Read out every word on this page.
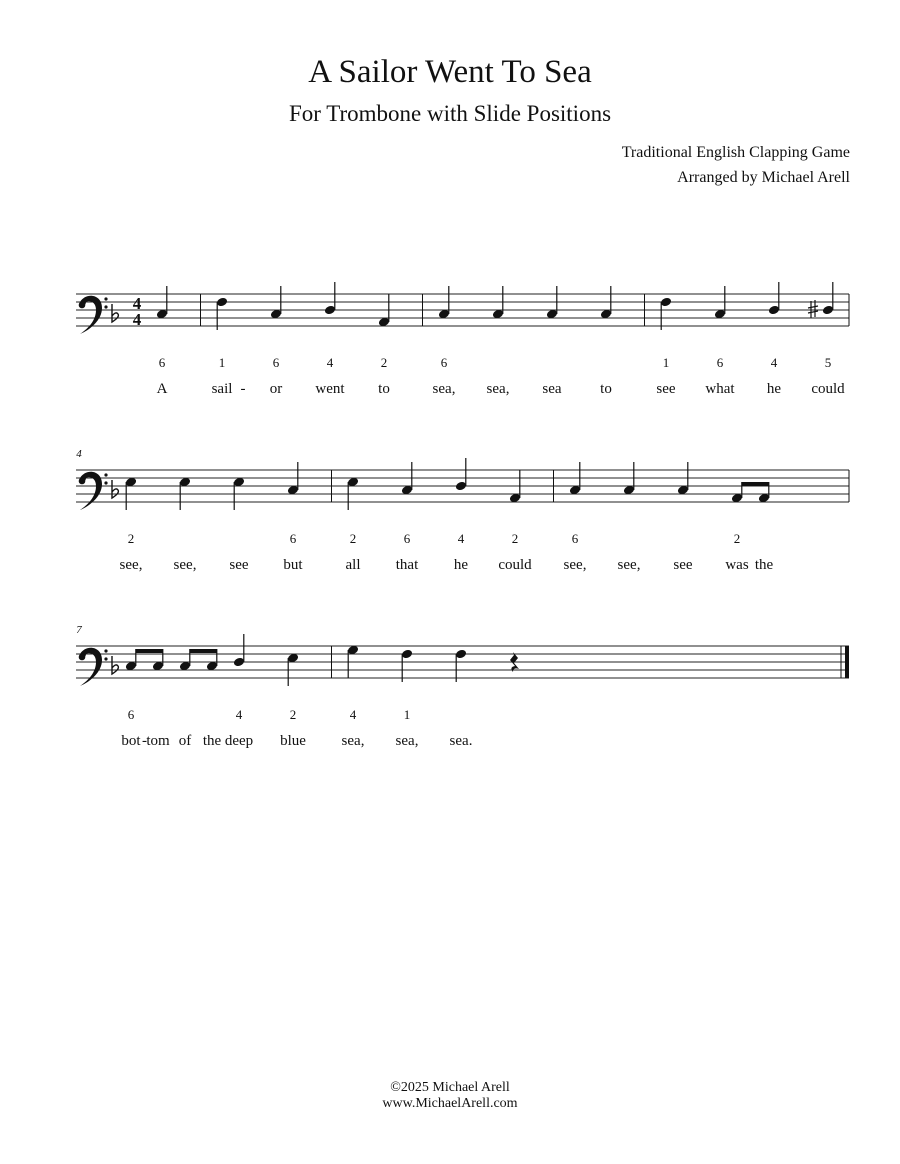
A Sailor Went To Sea
For Trombone with Slide Positions
Traditional English Clapping Game
Arranged by Michael Arell
4
4
6
A
1
sail
6
or
-
4
went
2
to
6
sea, sea, sea	to
1
see
6
what
4
he
5
could
4
2
see, see, see
6
but
2
all
6
that
4
he
2
could
6
see, see, see
2
was the
7
6
bot tom
- of the
4
deep
2
blue
4
sea,
1
sea, sea.
©2025 Michael Arell
www.MichaelArell.com
